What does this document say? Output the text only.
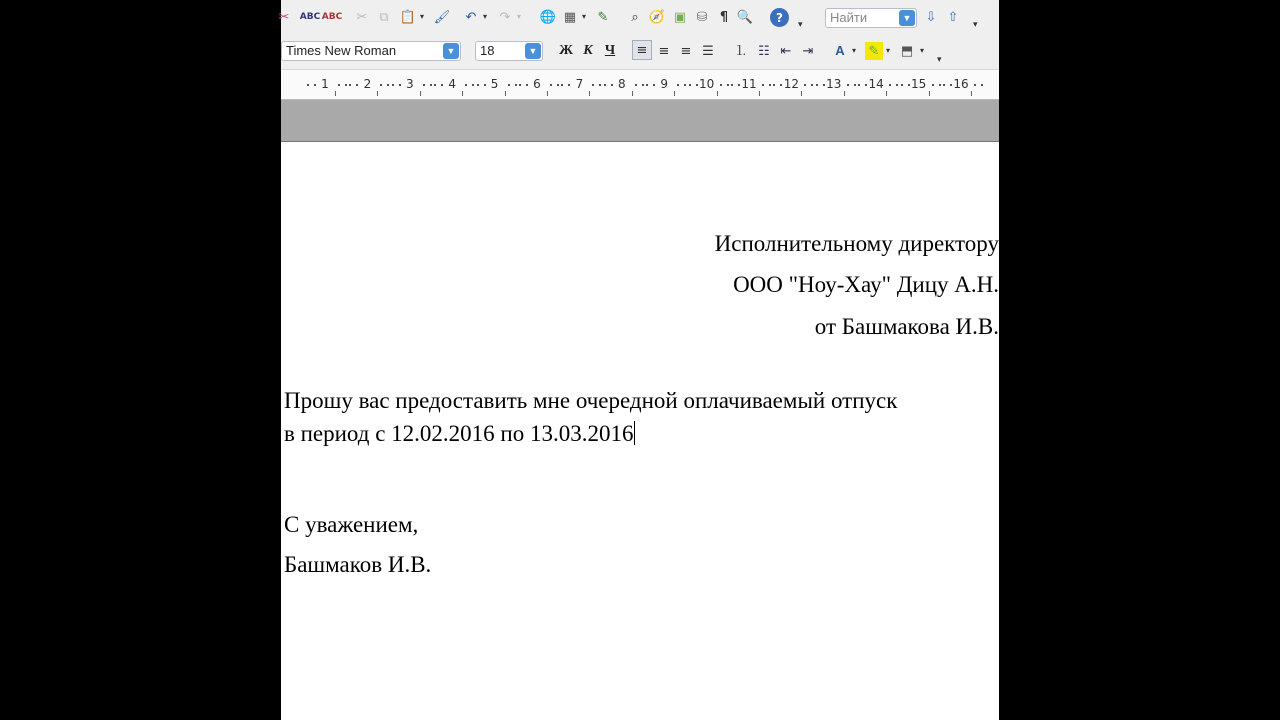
✂	ABC ABC ✂ ⧉ 📋 ▾ 🖌 ↶ ▾ ↷ ▾ 🌐 ▦ ▾ ✎	⌕ 🧭 ▣ ⛁ ¶ 🔍	?
▾	Найти	▼ ⇩ ⇧
▾
Times New Roman	▼	18	▼ Ж К Ч	≡ ≡ ≡ ☰ ⒈ ☷ ⇤ ⇥	A ▾ ✎ ▾ ⬒ ▾
▾
1	2	3	4	5	6	7	8	9	10 11 12 13 14 15 16
Исполнительному директору
ООО "Ноу-Хау" Дицу А.Н.
от Башмакова И.В.
Прошу вас предоставить мне очередной оплачиваемый отпуск
в период с 12.02.2016 по 13.03.2016
С уважением,
Башмаков И.В.
